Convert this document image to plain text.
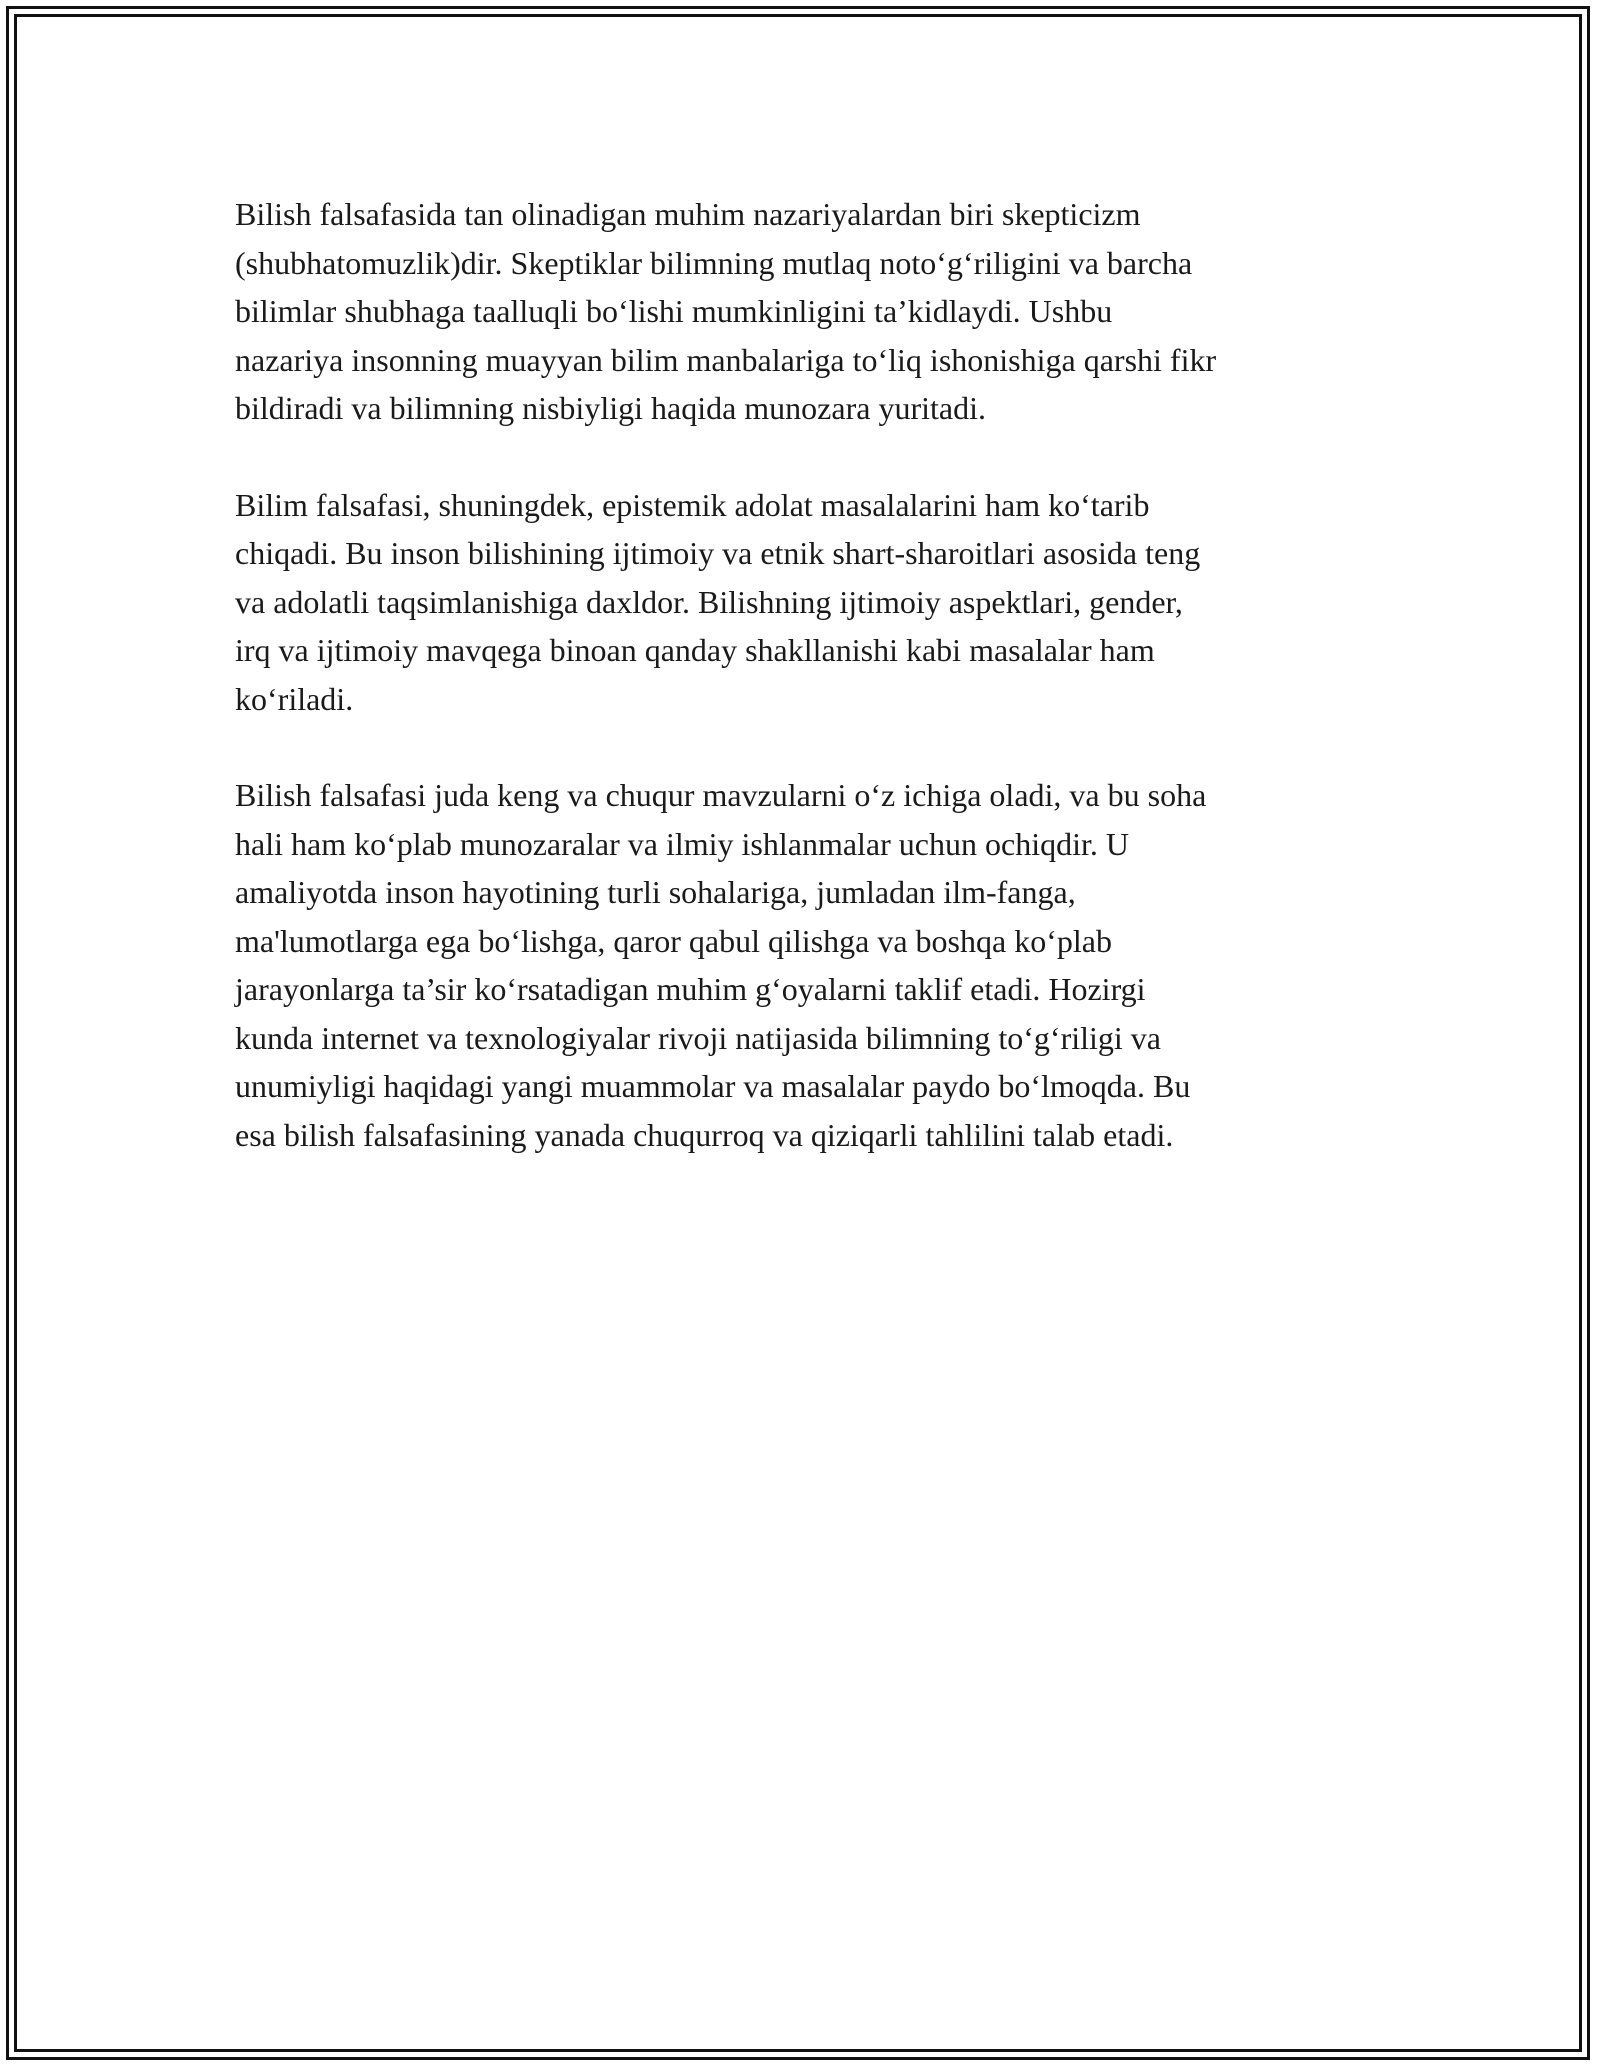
Bilish falsafasida tan olinadigan muhim nazariyalardan biri skepticizm
(shubhatomuzlik)dir. Skeptiklar bilimning mutlaq noto‘g‘riligini va barcha
bilimlar shubhaga taalluqli bo‘lishi mumkinligini ta’kidlaydi. Ushbu
nazariya insonning muayyan bilim manbalariga to‘liq ishonishiga qarshi fikr
bildiradi va bilimning nisbiyligi haqida munozara yuritadi.

Bilim falsafasi, shuningdek, epistemik adolat masalalarini ham ko‘tarib
chiqadi. Bu inson bilishining ijtimoiy va etnik shart-sharoitlari asosida teng
va adolatli taqsimlanishiga daxldor. Bilishning ijtimoiy aspektlari, gender,
irq va ijtimoiy mavqega binoan qanday shakllanishi kabi masalalar ham
ko‘riladi.

Bilish falsafasi juda keng va chuqur mavzularni o‘z ichiga oladi, va bu soha
hali ham ko‘plab munozaralar va ilmiy ishlanmalar uchun ochiqdir. U
amaliyotda inson hayotining turli sohalariga, jumladan ilm-fanga,
ma'lumotlarga ega bo‘lishga, qaror qabul qilishga va boshqa ko‘plab
jarayonlarga ta’sir ko‘rsatadigan muhim g‘oyalarni taklif etadi. Hozirgi
kunda internet va texnologiyalar rivoji natijasida bilimning to‘g‘riligi va
unumiyligi haqidagi yangi muammolar va masalalar paydo bo‘lmoqda. Bu
esa bilish falsafasining yanada chuqurroq va qiziqarli tahlilini talab etadi.
